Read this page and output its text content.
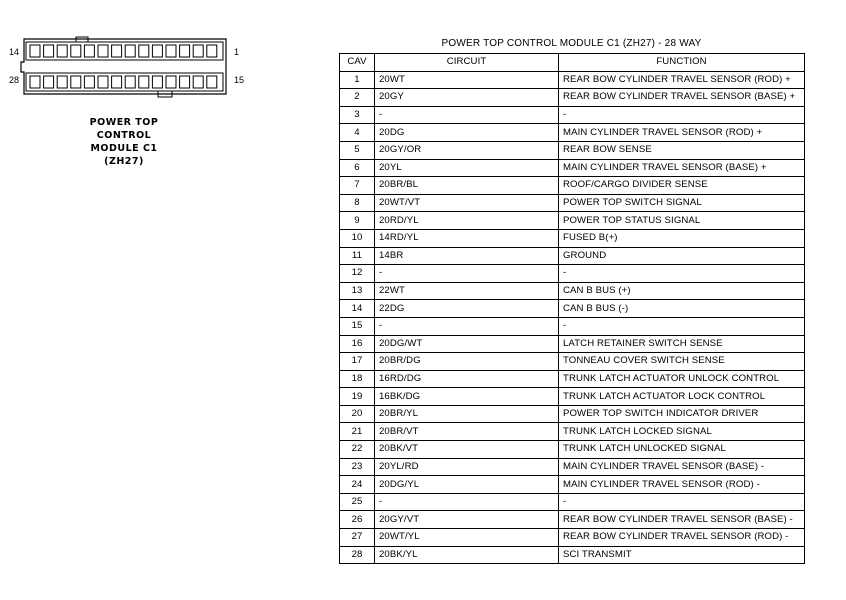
14
28
1
15
POWER TOP
CONTROL
MODULE C1
(ZH27)
POWER TOP CONTROL MODULE C1 (ZH27) - 28 WAY
CAV	CIRCUIT	FUNCTION
1	20WT	REAR BOW CYLINDER TRAVEL SENSOR (ROD) +
2	20GY	REAR BOW CYLINDER TRAVEL SENSOR (BASE) +
3	-	-
4	20DG	MAIN CYLINDER TRAVEL SENSOR (ROD) +
5	20GY/OR	REAR BOW SENSE
6	20YL	MAIN CYLINDER TRAVEL SENSOR (BASE) +
7	20BR/BL	ROOF/CARGO DIVIDER SENSE
8	20WT/VT	POWER TOP SWITCH SIGNAL
9	20RD/YL	POWER TOP STATUS SIGNAL
10	14RD/YL	FUSED B(+)
11	14BR	GROUND
12	-	-
13	22WT	CAN B BUS (+)
14	22DG	CAN B BUS (-)
15	-	-
16	20DG/WT	LATCH RETAINER SWITCH SENSE
17	20BR/DG	TONNEAU COVER SWITCH SENSE
18	16RD/DG	TRUNK LATCH ACTUATOR UNLOCK CONTROL
19	16BK/DG	TRUNK LATCH ACTUATOR LOCK CONTROL
20	20BR/YL	POWER TOP SWITCH INDICATOR DRIVER
21	20BR/VT	TRUNK LATCH LOCKED SIGNAL
22	20BK/VT	TRUNK LATCH UNLOCKED SIGNAL
23	20YL/RD	MAIN CYLINDER TRAVEL SENSOR (BASE) -
24	20DG/YL	MAIN CYLINDER TRAVEL SENSOR (ROD) -
25	-	-
26	20GY/VT	REAR BOW CYLINDER TRAVEL SENSOR (BASE) -
27	20WT/YL	REAR BOW CYLINDER TRAVEL SENSOR (ROD) -
28	20BK/YL	SCI TRANSMIT
